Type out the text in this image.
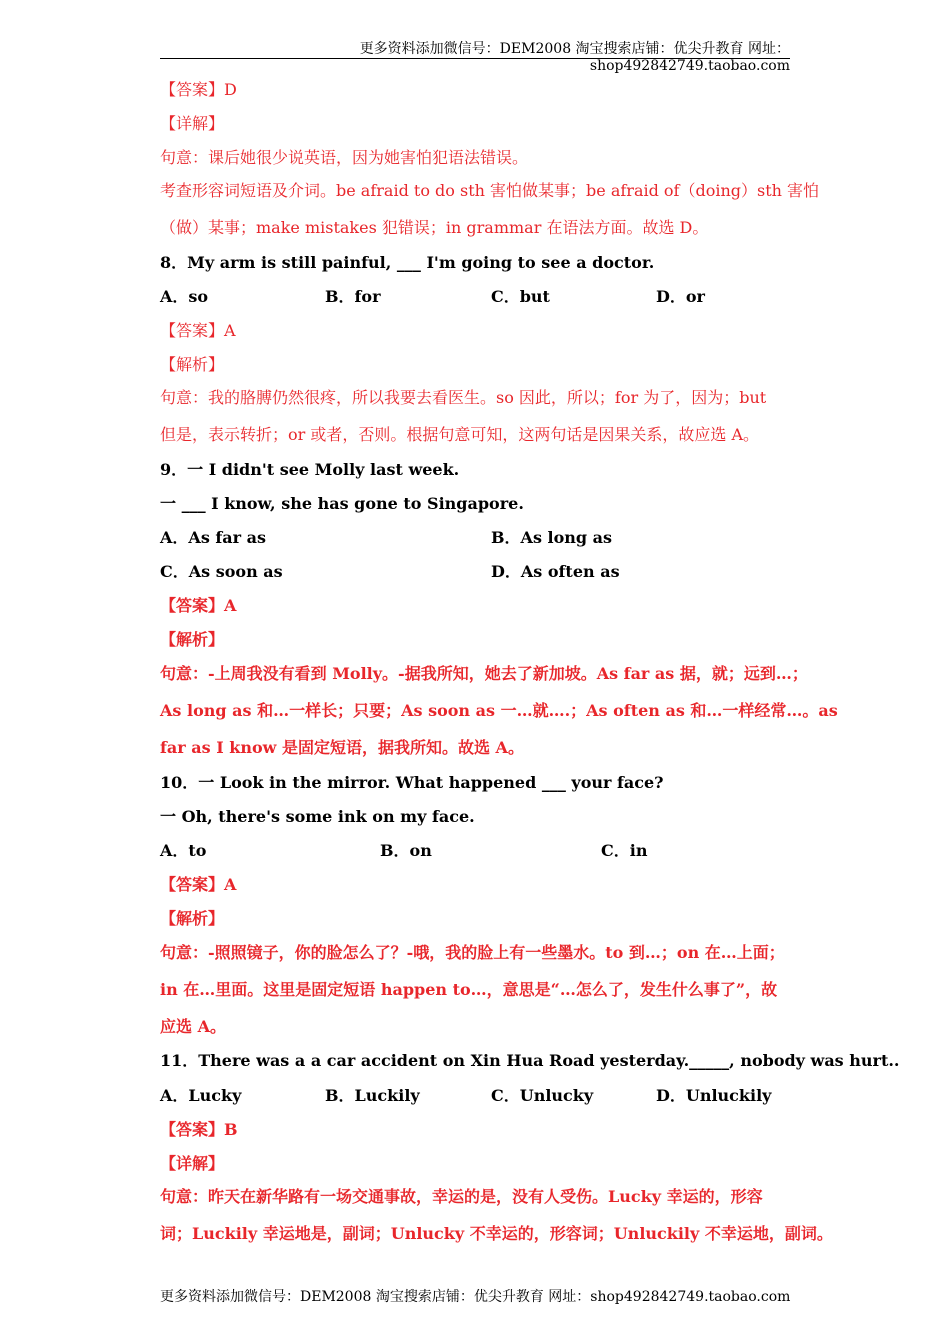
更多资料添加微信号：DEM2008 淘宝搜索店铺：优尖升教育 网址：shop492842749.taobao.com
【答案】D
【详解】
句意：课后她很少说英语，因为她害怕犯语法错误。
考查形容词短语及介词。be afraid to do sth 害怕做某事；be afraid of（doing）sth 害怕
（做）某事；make mistakes 犯错误；in grammar 在语法方面。故选 D。
8．My arm is still painful, ___ I'm going to see a doctor.
A．so	B．for	C．but	D．or
【答案】A
【解析】
句意：我的胳膊仍然很疼，所以我要去看医生。so 因此，所以；for 为了，因为；but
但是，表示转折；or 或者，否则。根据句意可知，这两句话是因果关系，故应选 A。
9．一 I didn't see Molly last week.
一 ___ I know, she has gone to Singapore.
A．As far as	B．As long as
C．As soon as	D．As often as
【答案】A
【解析】
句意：-上周我没有看到 Molly。-据我所知，她去了新加坡。As far as 据，就；远到…；
As long as 和…一样长；只要；As soon as 一…就….；As often as 和…一样经常…。as
far as I know 是固定短语，据我所知。故选 A。
10．一 Look in the mirror. What happened ___ your face?
一 Oh, there's some ink on my face.
A．to	B．on	C．in
【答案】A
【解析】
句意：-照照镜子，你的脸怎么了？-哦，我的脸上有一些墨水。to 到…；on 在…上面；
in 在…里面。这里是固定短语 happen to…，意思是“…怎么了，发生什么事了”，故
应选 A。
11．There was a a car accident on Xin Hua Road yesterday._____, nobody was hurt..
A．Lucky	B．Luckily	C．Unlucky	D．Unluckily
【答案】B
【详解】
句意：昨天在新华路有一场交通事故，幸运的是，没有人受伤。Lucky 幸运的，形容
词；Luckily 幸运地是，副词；Unlucky 不幸运的，形容词；Unluckily 不幸运地，副词。
更多资料添加微信号：DEM2008 淘宝搜索店铺：优尖升教育 网址：shop492842749.taobao.com
